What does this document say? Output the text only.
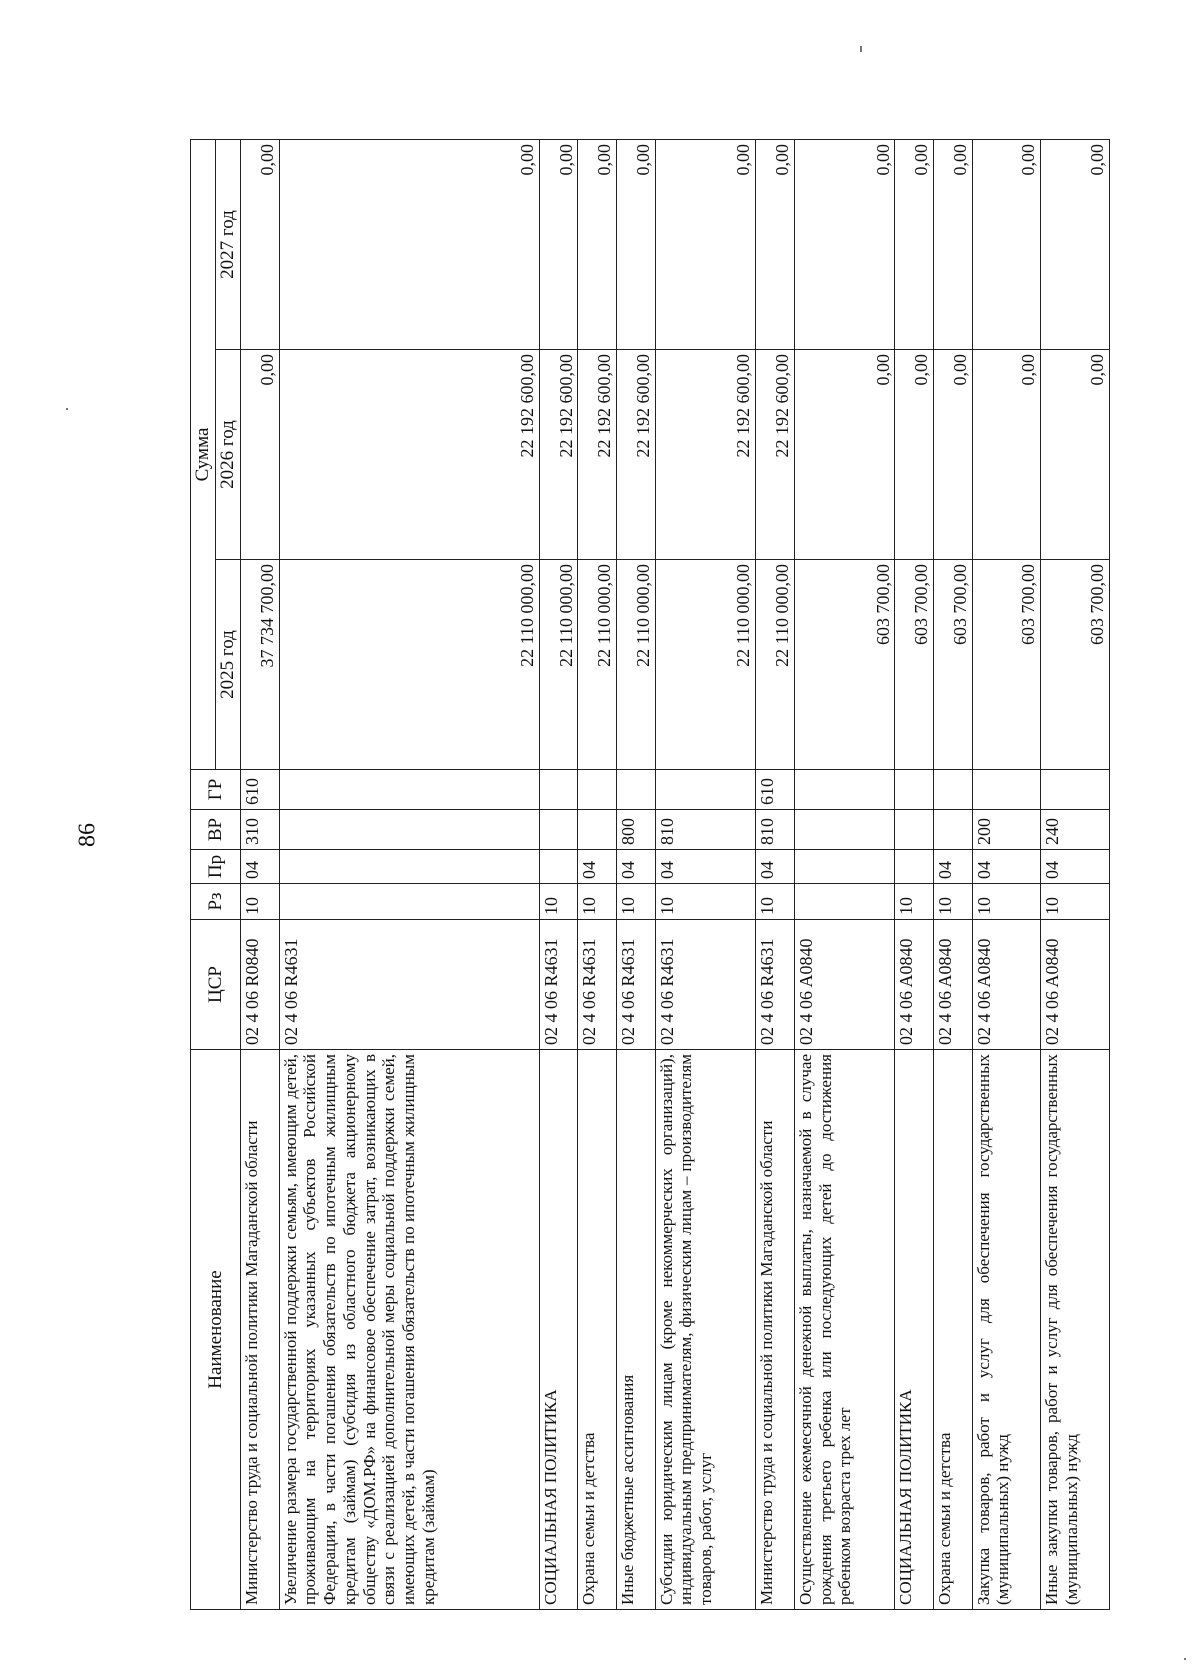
86
Наименование	ЦСР	Рз	Пр	ВР	ГР	Сумма		
						2025 год	2026 год	2027 год
Министерство труда и социальной политики Магаданской области	02 4 06 R0840	10	04	310	610	37 734 700,00	0,00	0,00
Увеличение размера государственной поддержки семьям, имеющим детей, проживающим на территориях указанных субъектов Российской Федерации, в части погашения обязательств по ипотечным жилищным кредитам (займам) (субсидия из областного бюджета акционерному обществу «ДОМ.РФ» на финансовое обеспечение затрат, возникающих в связи с реализацией дополнительной меры социальной поддержки семей, имеющих детей, в части погашения обязательств по ипотечным жилищным кредитам (займам)	02 4 06 R4631					22 110 000,00	22 192 600,00	0,00
СОЦИАЛЬНАЯ ПОЛИТИКА	02 4 06 R4631	10				22 110 000,00	22 192 600,00	0,00
Охрана семьи и детства	02 4 06 R4631	10	04			22 110 000,00	22 192 600,00	0,00
Иные бюджетные ассигнования	02 4 06 R4631	10	04	800		22 110 000,00	22 192 600,00	0,00
Субсидии юридическим лицам (кроме некоммерческих организаций), индивидуальным предпринимателям, физическим лицам – производителям товаров, работ, услуг	02 4 06 R4631	10	04	810		22 110 000,00	22 192 600,00	0,00
Министерство труда и социальной политики Магаданской области	02 4 06 R4631	10	04	810	610	22 110 000,00	22 192 600,00	0,00
Осуществление ежемесячной денежной выплаты, назначаемой в случае рождения третьего ребенка или последующих детей до достижения ребенком возраста трех лет	02 4 06 A0840					603 700,00	0,00	0,00
СОЦИАЛЬНАЯ ПОЛИТИКА	02 4 06 A0840	10				603 700,00	0,00	0,00
Охрана семьи и детства	02 4 06 A0840	10	04			603 700,00	0,00	0,00
Закупка товаров, работ и услуг для обеспечения государственных (муниципальных) нужд	02 4 06 A0840	10	04	200		603 700,00	0,00	0,00
Иные закупки товаров, работ и услуг для обеспечения государственных (муниципальных) нужд	02 4 06 A0840	10	04	240		603 700,00	0,00	0,00
